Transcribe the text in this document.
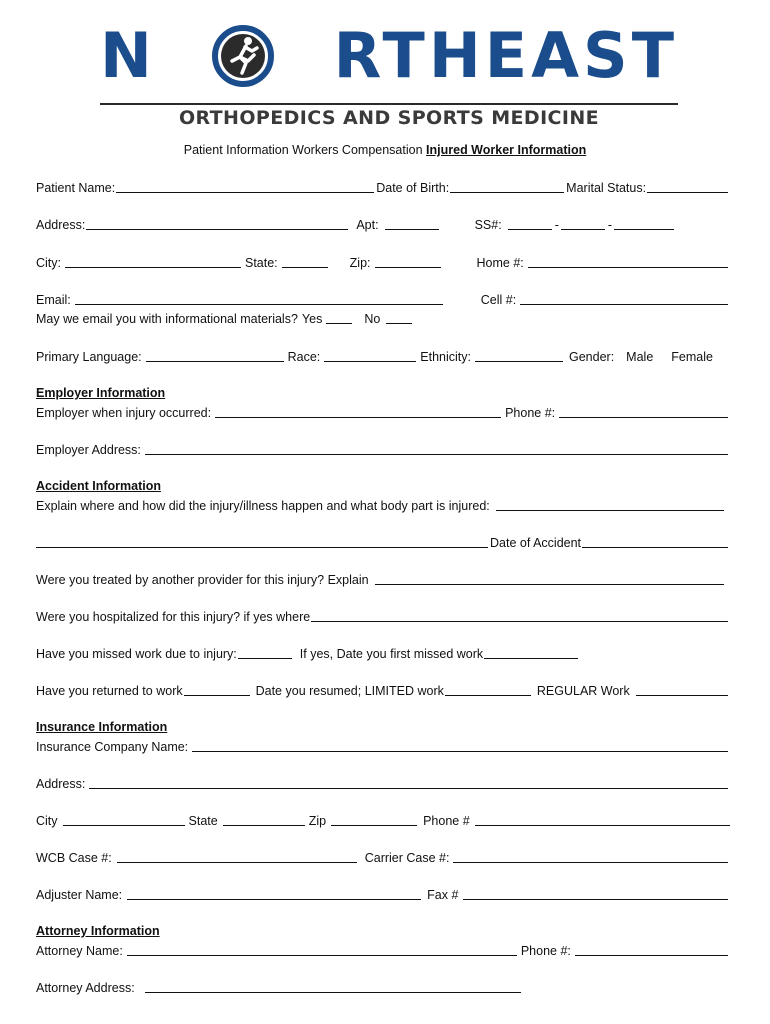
N	RTHEAST
ORTHOPEDICS AND SPORTS MEDICINE
Patient Information Workers Compensation Injured Worker Information
Patient Name:	Date of Birth:	Marital Status:
Address:	Apt:	SS#:	-	-
City:	State:	Zip:	Home #:
Email:	Cell #:
May we email you with informational materials? Yes	No
Primary Language:	Race:	Ethnicity:	Gender: Male Female
Employer Information
Employer when injury occurred:	Phone #:
Employer Address:
Accident Information
Explain where and how did the injury/illness happen and what body part is injured:
Date of Accident
Were you treated by another provider for this injury? Explain
Were you hospitalized for this injury? if yes where
Have you missed work due to injury:	If yes, Date you first missed work
Have you returned to work	Date you resumed; LIMITED work	REGULAR Work
Insurance Information
Insurance Company Name:
Address:
City	State	Zip	Phone #
WCB Case #:	Carrier Case #:
Adjuster Name:	Fax #
Attorney Information
Attorney Name:	Phone #:
Attorney Address:
